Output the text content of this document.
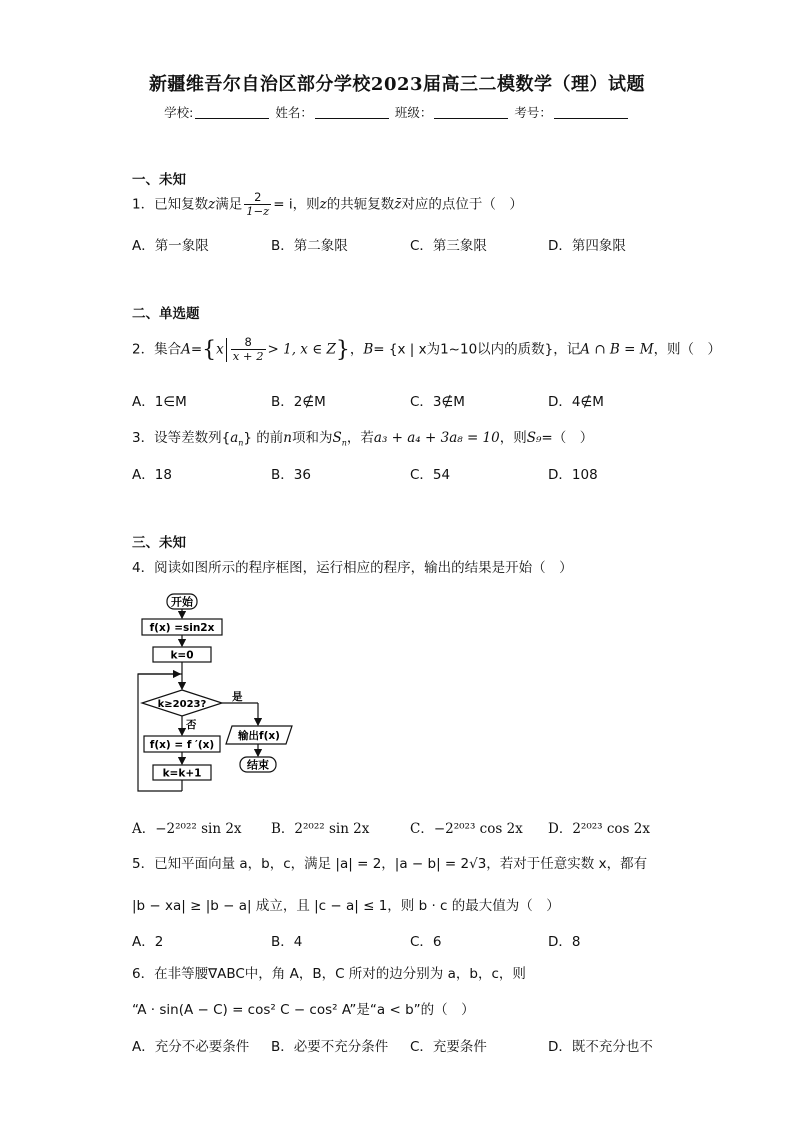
新疆维吾尔自治区部分学校2023届高三二模数学（理）试题
学校:	姓名：	班级：	考号：
一、未知
1．已知复数z满足 $\frac{2}{1-z} = i$，则z的共轭复数z̄对应的点位于（　）
A．第一象限	B．第二象限	C．第三象限	D．第四象限
二、单选题
2．集合$A=\{x \frac{8}{x + 2} > 1$, x ∈ Z}，B= {x | x为1~10以内的质数}，记A ∩ B = M，则（　）
A．1∈M	B．2∉M	C．3∉M	D．4∉M
3．设等差数列$\{a_n\}$ 的前n项和为$S_n$，若a₃ + a₄ + 3a₈ = 10，则S₉=（　）
A．18	B．36	C．54	D．108
三、未知
4．阅读如图所示的程序框图，运行相应的程序，输出的结果是开始（　）
开始
f(x) =sin2x
k=0
k≥2023?
是
否
f(x) = f ′(x)
k=k+1
输出f(x)
结束
A．−2²⁰²² sin 2x B．2²⁰²² sin 2x	C．−2²⁰²³ cos 2x D．2²⁰²³ cos 2x
5．已知平面向量 a，b，c，满足 |a| = 2，|a − b| = 2√3，若对于任意实数 x，都有
|b − xa| ≥ |b − a| 成立，且 |c − a| ≤ 1，则 b · c 的最大值为（　）
A．2	B．4	C．6	D．8
6．在非等腰∇ABC中，角 A，B，C 所对的边分别为 a，b，c，则
“A · sin(A − C) = cos² C − cos² A”是“a < b”的（　）
A．充分不必要条件 B．必要不充分条件 C．充要条件	D．既不充分也不
